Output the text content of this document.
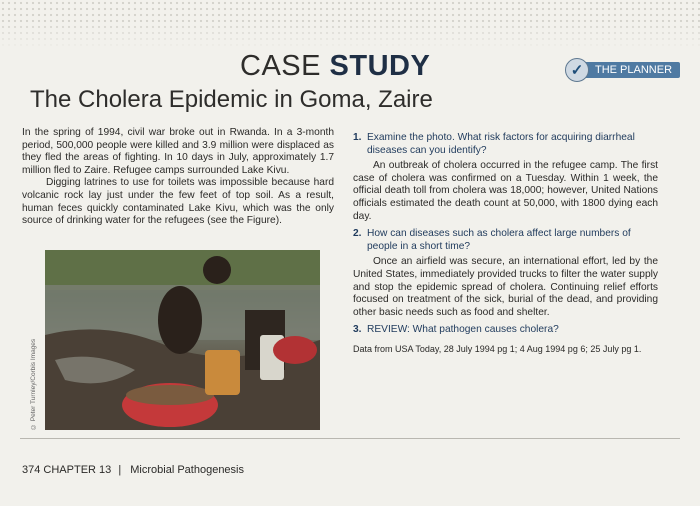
CASE STUDY	✓	THE PLANNER
The Cholera Epidemic in Goma, Zaire

In the spring of 1994, civil war broke out in Rwanda. In a 3-month period, 500,000 people were killed and 3.9 million were displaced as they fled the areas of fighting. In 10 days in July, approximately 1.7 million fled to Zaire. Refugee camps surrounded Lake Kivu.

Digging latrines to use for toilets was impossible because hard volcanic rock lay just under the few feet of top soil. As a result, human feces quickly contaminated Lake Kivu, which was the only source of drinking water for the refugees (see the Figure).

© Peter Turnley/Corbis Images
1. Examine the photo. What risk factors for acquiring diarrheal diseases can you identify?
An outbreak of cholera occurred in the refugee camp. The first case of cholera was confirmed on a Tuesday. Within 1 week, the official death toll from cholera was 18,000; however, United Nations officials estimated the death count at 50,000, with 1800 dying each day.
2. How can diseases such as cholera affect large numbers of people in a short time?
Once an airfield was secure, an international effort, led by the United States, immediately provided trucks to filter the water supply and stop the epidemic spread of cholera. Continuing relief efforts focused on treatment of the sick, burial of the dead, and providing other basic needs such as food and shelter.
3. REVIEW: What pathogen causes cholera?
Data from USA Today, 28 July 1994 pg 1; 4 Aug 1994 pg 6; 25 July pg 1.
374 CHAPTER 13 | Microbial Pathogenesis
